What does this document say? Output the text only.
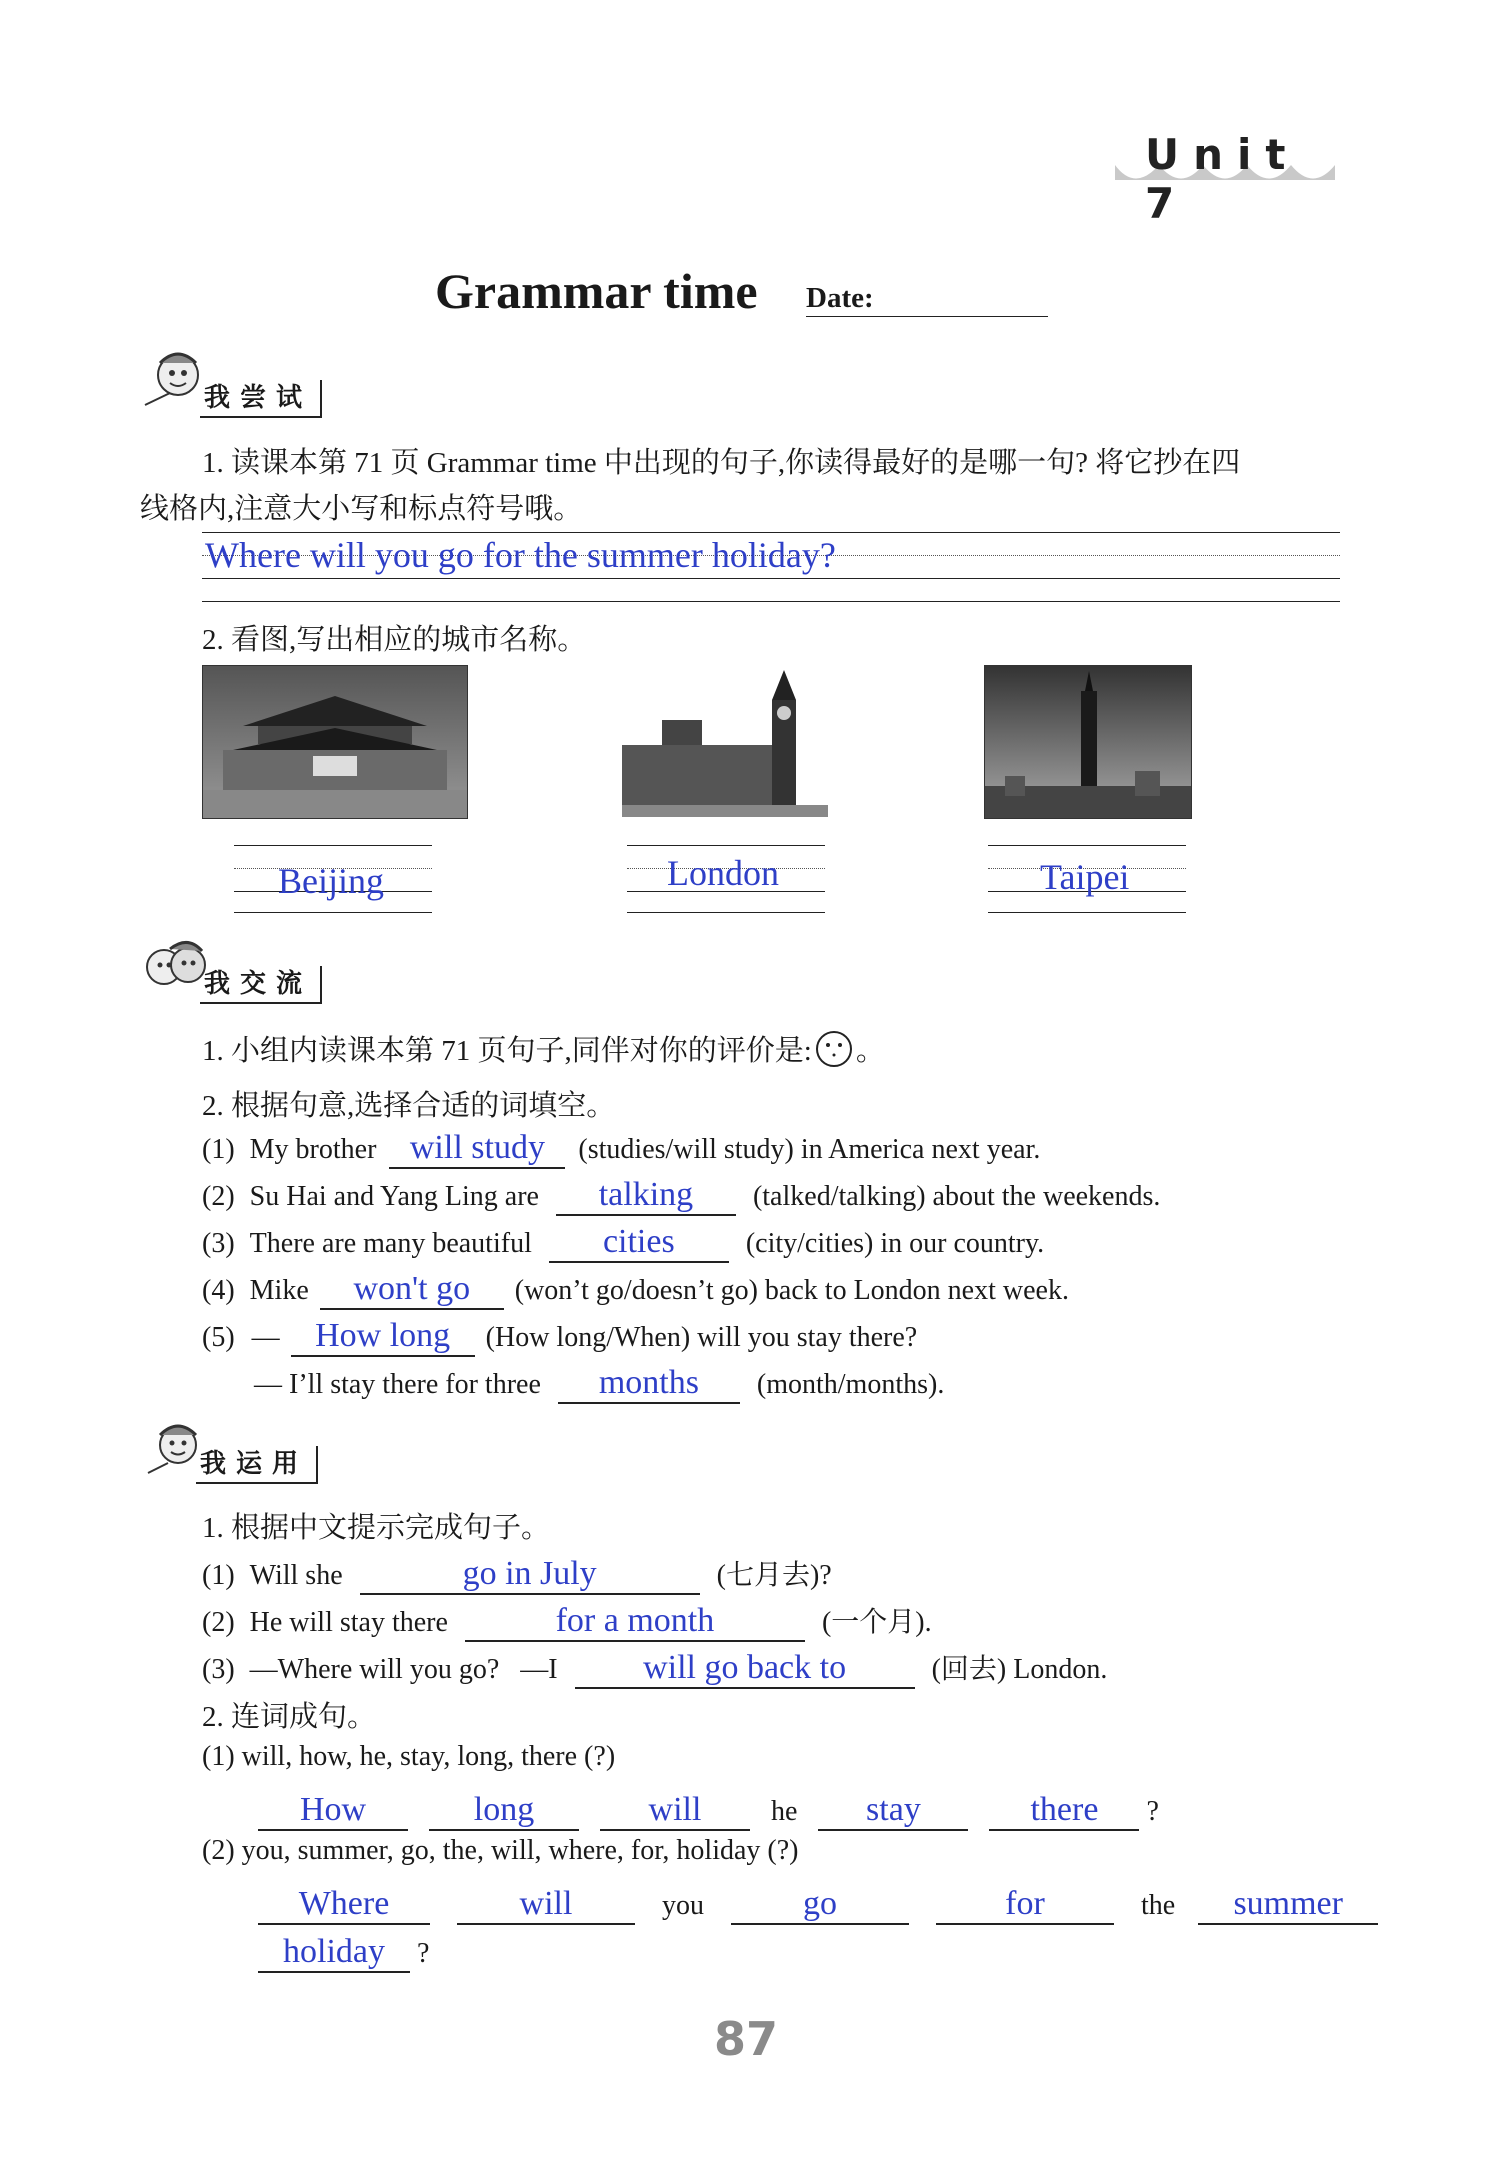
Unit 7
Grammar time Date:
我尝试
1. 读课本第 71 页 Grammar time 中出现的句子,你读得最好的是哪一句? 将它抄在四
线格内,注意大小写和标点符号哦。
Where will you go for the summer holiday?
2. 看图,写出相应的城市名称。
Beijing	London	Taipei
我交流
1. 小组内读课本第 71 页句子,同伴对你的评价是: 。
2. 根据句意,选择合适的词填空。
(1) My brother will study (studies/will study) in America next year.
(2) Su Hai and Yang Ling are talking (talked/talking) about the weekends.
(3) There are many beautiful cities	(city/cities) in our country.
(4) Mike won't go (won’t go/doesn’t go) back to London next week.
(5) — How long (How long/When) will you stay there?
— I’ll stay there for three months (month/months).
我运用
1. 根据中文提示完成句子。
(1) Will she	go in July	(七月去)?
(2) He will stay there	for a month	(一个月).
(3) —Where will you go?   —I	will go back to	(回去) London.
2. 连词成句。
(1) will, how, he, stay, long, there (?)
How	long	will he stay	there ?
(2) you, summer, go, the, will, where, for, holiday (?)
Where	will	you	go	for	the summer
holiday ?
87
